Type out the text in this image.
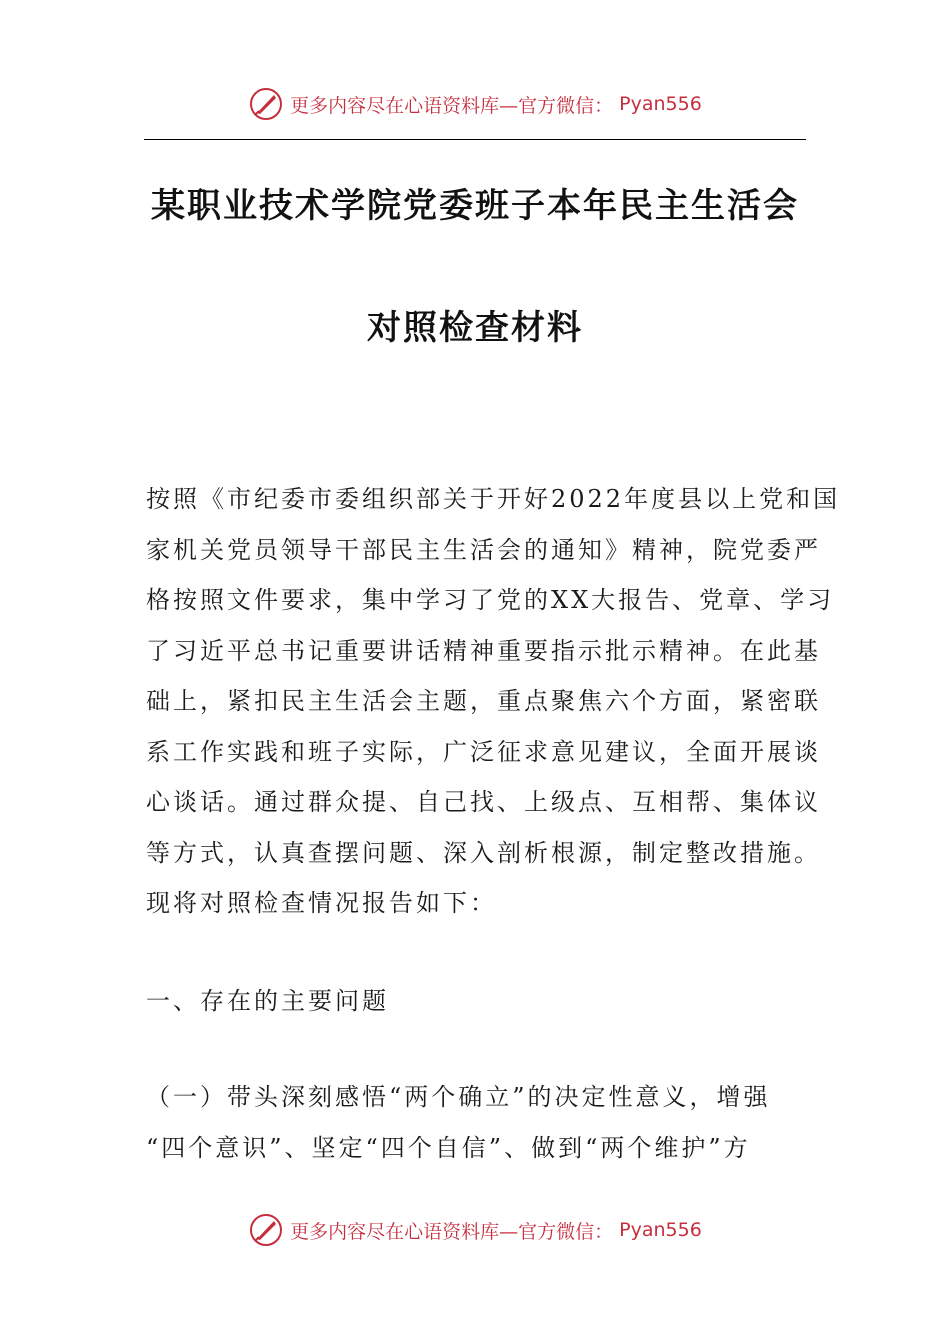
更多内容尽在心语资料库—官方微信： Pyan556
某职业技术学院党委班子本年民主生活会
对照检查材料
按照《市纪委市委组织部关于开好2022年度县以上党和国
家机关党员领导干部民主生活会的通知》精神，院党委严
格按照文件要求，集中学习了党的XX大报告、党章、学习
了习近平总书记重要讲话精神重要指示批示精神。在此基
础上，紧扣民主生活会主题，重点聚焦六个方面，紧密联
系工作实践和班子实际，广泛征求意见建议，全面开展谈
心谈话。通过群众提、自己找、上级点、互相帮、集体议
等方式，认真查摆问题、深入剖析根源，制定整改措施。
现将对照检查情况报告如下：
一、存在的主要问题
（一）带头深刻感悟“两个确立”的决定性意义，增强
“四个意识”、坚定“四个自信”、做到“两个维护”方
更多内容尽在心语资料库—官方微信： Pyan556
